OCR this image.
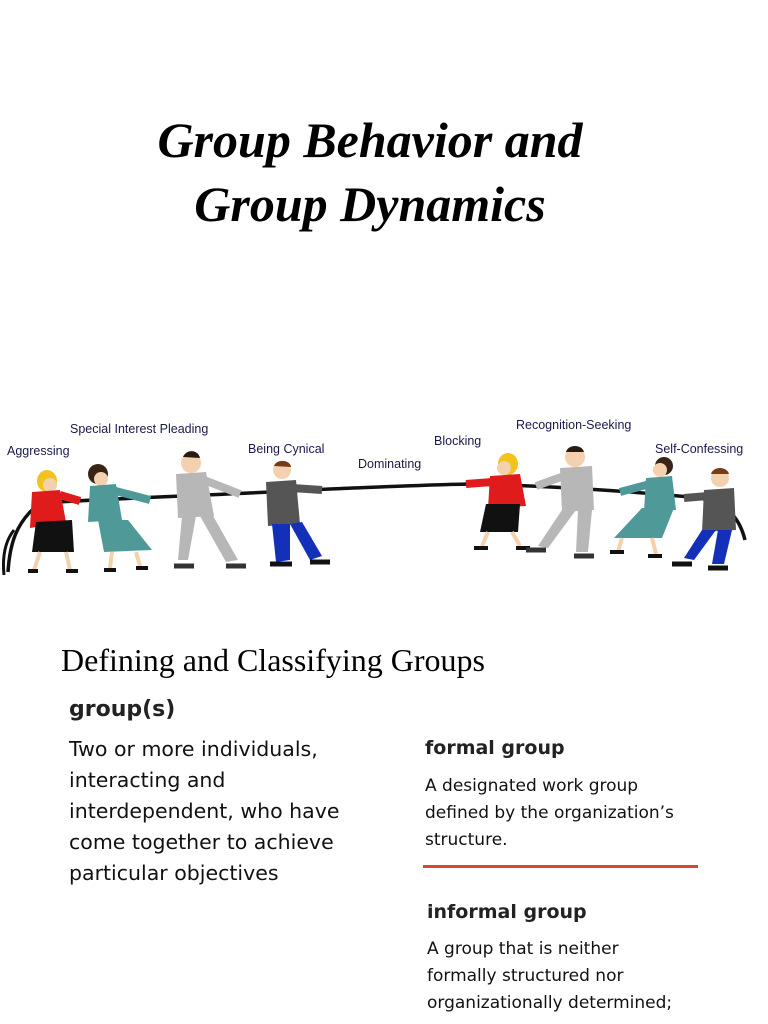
Group Behavior and
Group Dynamics
Aggressing
Special Interest Pleading
Being Cynical
Dominating
Blocking
Recognition-Seeking
Self-Confessing
Defining and Classifying Groups
group(s)
Two or more individuals,
interacting and
interdependent, who have
come together to achieve
particular objectives
formal group
A designated work group
defined by the organization’s
structure.
informal group
A group that is neither
formally structured nor
organizationally determined;
